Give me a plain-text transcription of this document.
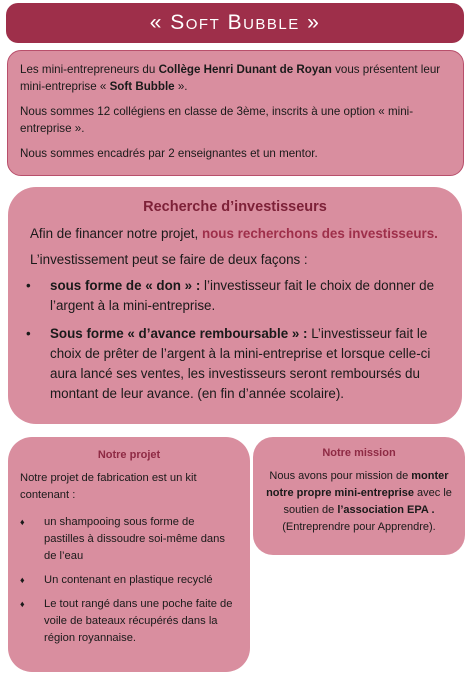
« Soft Bubble »

Les mini-entrepreneurs du Collège Henri Dunant de Royan vous présentent leur mini-entreprise « Soft Bubble ».

Nous sommes 12 collégiens en classe de 3ème, inscrits à une option « mini-entreprise ».

Nous sommes encadrés par 2 enseignantes et un mentor.

Recherche d’investisseurs

Afin de financer notre projet, nous recherchons des investisseurs.

L’investissement peut se faire de deux façons :

• sous forme de « don » : l’investisseur fait le choix de donner de l’argent à la mini-entreprise.
• Sous forme « d’avance remboursable » : L’investisseur fait le choix de prêter de l’argent à la mini-entreprise et lorsque celle-ci aura lancé ses ventes, les investisseurs seront remboursés du montant de leur avance. (en fin d’année scolaire).
Notre projet

Notre projet de fabrication est un kit contenant :

♦ un shampooing sous forme de pastilles à dissoudre soi-même dans de l’eau
♦ Un contenant en plastique recyclé
♦ Le tout rangé dans une poche faite de voile de bateaux récupérés dans la région royannaise.
Notre mission

Nous avons pour mission de monter notre propre mini-entreprise avec le soutien de l’association EPA . (Entreprendre pour Apprendre).
